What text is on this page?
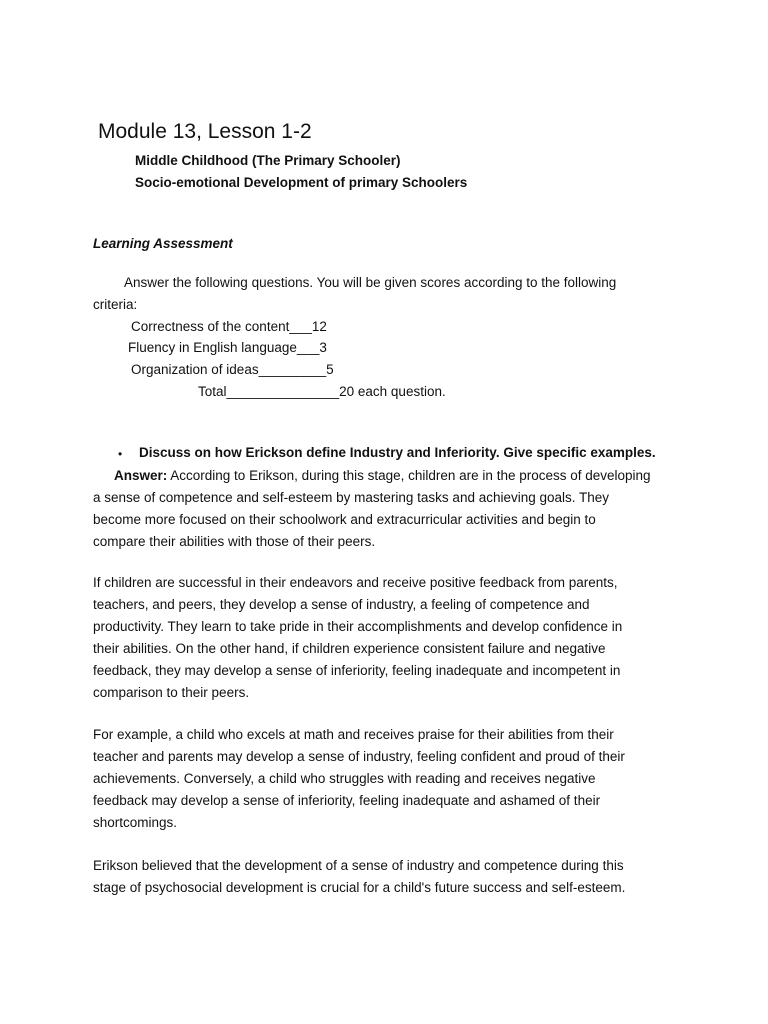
Module 13, Lesson 1-2
Middle Childhood (The Primary Schooler)
Socio-emotional Development of primary Schoolers
Learning Assessment
Answer the following questions. You will be given scores according to the following
criteria:
Correctness of the content___12
Fluency in English language___3
Organization of ideas_________5
Total_______________20 each question.
• Discuss on how Erickson define Industry and Inferiority. Give specific examples.
Answer: According to Erikson, during this stage, children are in the process of developing
a sense of competence and self-esteem by mastering tasks and achieving goals. They
become more focused on their schoolwork and extracurricular activities and begin to
compare their abilities with those of their peers.
If children are successful in their endeavors and receive positive feedback from parents,
teachers, and peers, they develop a sense of industry, a feeling of competence and
productivity. They learn to take pride in their accomplishments and develop confidence in
their abilities. On the other hand, if children experience consistent failure and negative
feedback, they may develop a sense of inferiority, feeling inadequate and incompetent in
comparison to their peers.
For example, a child who excels at math and receives praise for their abilities from their
teacher and parents may develop a sense of industry, feeling confident and proud of their
achievements. Conversely, a child who struggles with reading and receives negative
feedback may develop a sense of inferiority, feeling inadequate and ashamed of their
shortcomings.
Erikson believed that the development of a sense of industry and competence during this
stage of psychosocial development is crucial for a child's future success and self-esteem.
